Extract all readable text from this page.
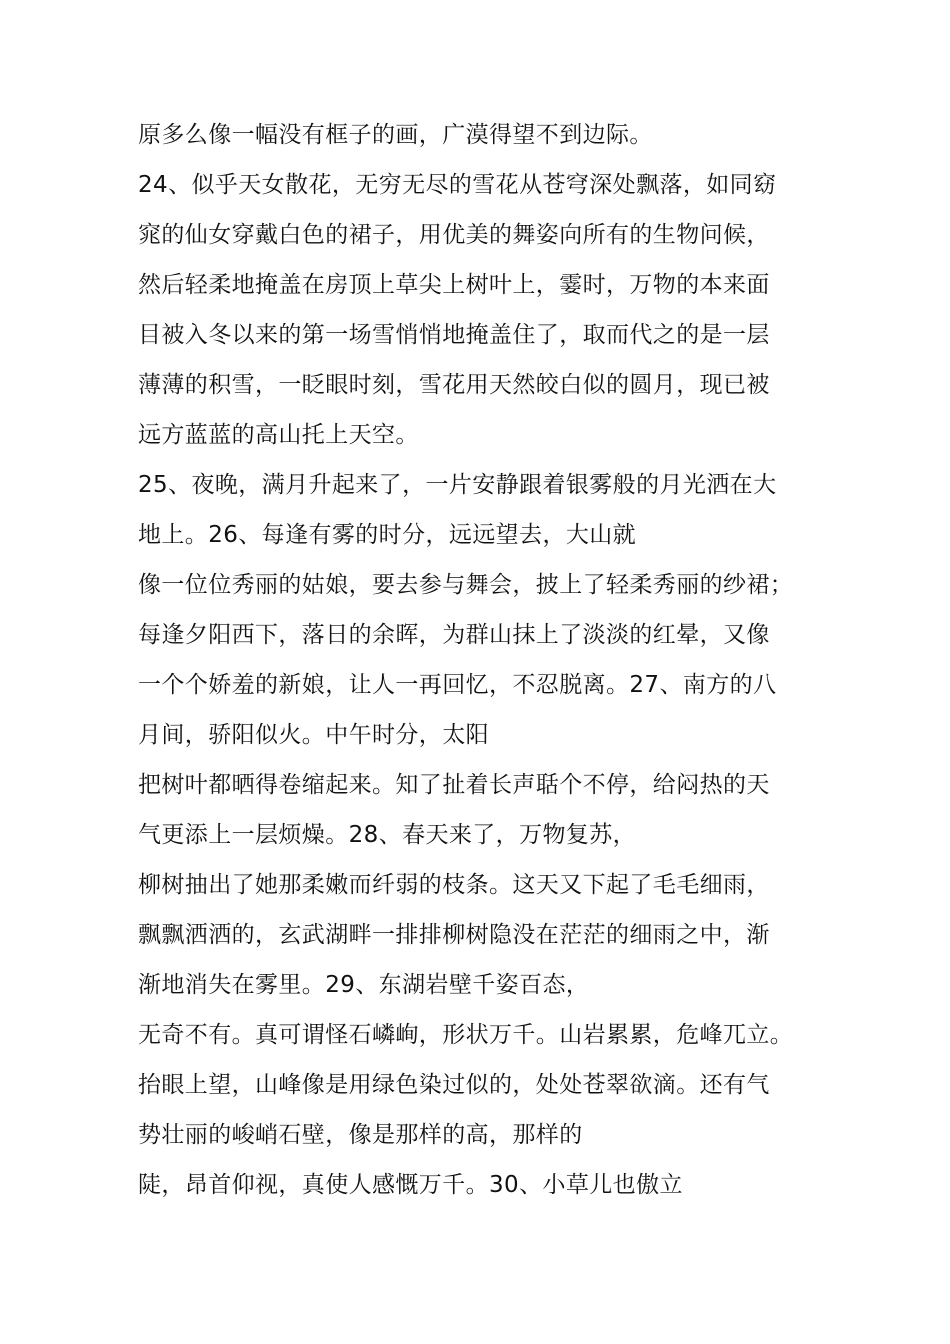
原多么像一幅没有框子的画，广漠得望不到边际。
24、似乎天女散花，无穷无尽的雪花从苍穹深处飘落，如同窈
窕的仙女穿戴白色的裙子，用优美的舞姿向所有的生物问候，
然后轻柔地掩盖在房顶上草尖上树叶上，霎时，万物的本来面
目被入冬以来的第一场雪悄悄地掩盖住了，取而代之的是一层
薄薄的积雪，一眨眼时刻，雪花用天然皎白似的圆月，现已被
远方蓝蓝的高山托上天空。
25、夜晚，满月升起来了，一片安静跟着银雾般的月光洒在大
地上。26、每逢有雾的时分，远远望去，大山就
像一位位秀丽的姑娘，要去参与舞会，披上了轻柔秀丽的纱裙；
每逢夕阳西下，落日的余晖，为群山抹上了淡淡的红晕，又像
一个个娇羞的新娘，让人一再回忆，不忍脱离。27、南方的八
月间，骄阳似火。中午时分，太阳
把树叶都晒得卷缩起来。知了扯着长声聒个不停，给闷热的天
气更添上一层烦燥。28、春天来了，万物复苏，
柳树抽出了她那柔嫩而纤弱的枝条。这天又下起了毛毛细雨，
飘飘洒洒的，玄武湖畔一排排柳树隐没在茫茫的细雨之中，渐
渐地消失在雾里。29、东湖岩壁千姿百态，
无奇不有。真可谓怪石嶙峋，形状万千。山岩累累，危峰兀立。
抬眼上望，山峰像是用绿色染过似的，处处苍翠欲滴。还有气
势壮丽的峻峭石壁，像是那样的高，那样的
陡，昂首仰视，真使人感慨万千。30、小草儿也傲立
